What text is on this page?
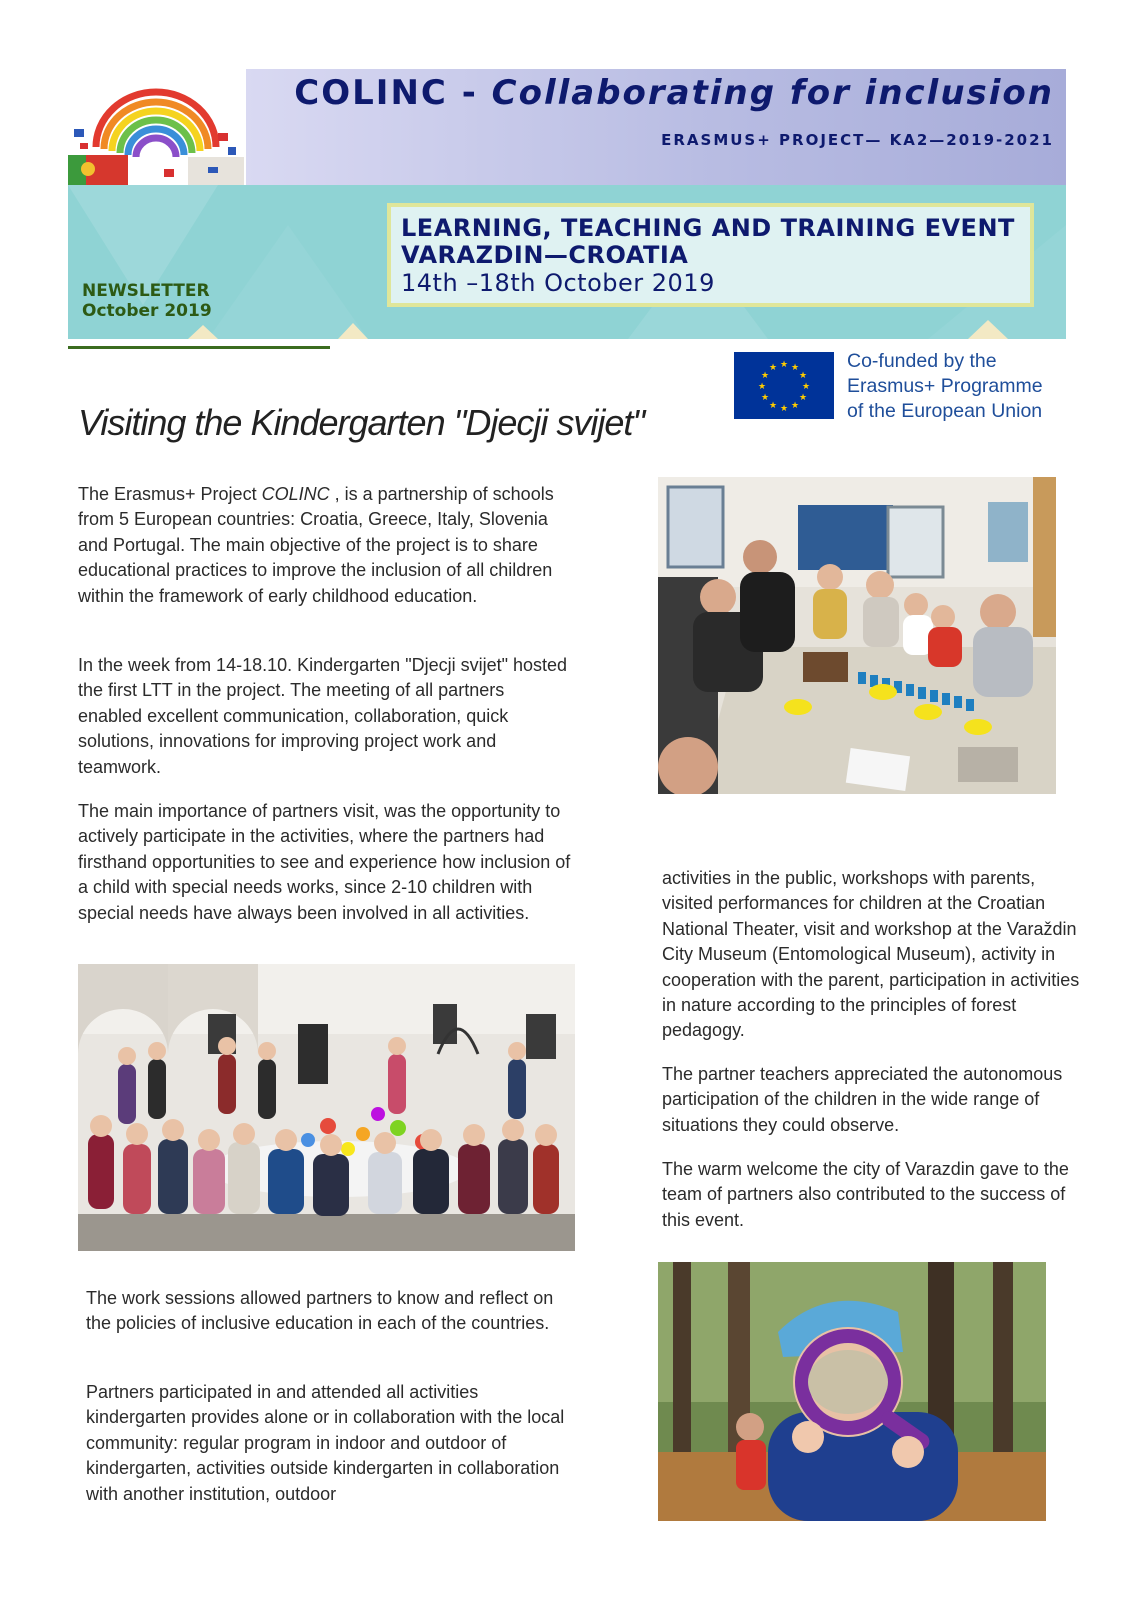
COLINC - Collaborating for inclusion
ERASMUS+ PROJECT— KA2—2019-2021
LEARNING, TEACHING AND TRAINING EVENT
VARAZDIN—CROATIA
14th –18th October 2019
NEWSLETTER
October 2019
★ ★
★
★
★
★
★
★
★
★
★
★	Co-funded by the
Erasmus+ Programme
of the European Union
Visiting the Kindergarten "Djecji svijet"

The Erasmus+ Project COLINC , is a partnership of schools from 5 European countries: Croatia, Greece, Italy, Slovenia and Portugal. The main objective of the project is to share educational practices to improve the inclusion of all children within the framework of early childhood education.

In the week from 14-18.10. Kindergarten "Djecji svijet" hosted the first LTT in the project. The meeting of all partners enabled excellent communication, collaboration, quick solutions, innovations for improving project work and teamwork.

The main importance of partners visit, was the opportunity to actively participate in the activities, where the partners had firsthand opportunities to see and experience how inclusion of a child with special needs works, since 2-10 children with special needs have always been involved in all activities.

The work sessions allowed partners to know and reflect on the policies of inclusive education in each of the countries.

Partners participated in and attended all activities kindergarten provides alone or in collaboration with the local community: regular program in indoor and outdoor of kindergarten, activities outside kindergarten in collaboration with another institution, outdoor

activities in the public, workshops with parents, visited performances for children at the Croatian National Theater, visit and workshop at the Varaždin City Museum (Entomological Museum), activity in cooperation with the parent, participation in activities in nature according to the principles of forest pedagogy.

The partner teachers appreciated the autonomous participation of the children in the wide range of situations they could observe.

The warm welcome the city of Varazdin gave to the team of partners also contributed to the success of this event.
